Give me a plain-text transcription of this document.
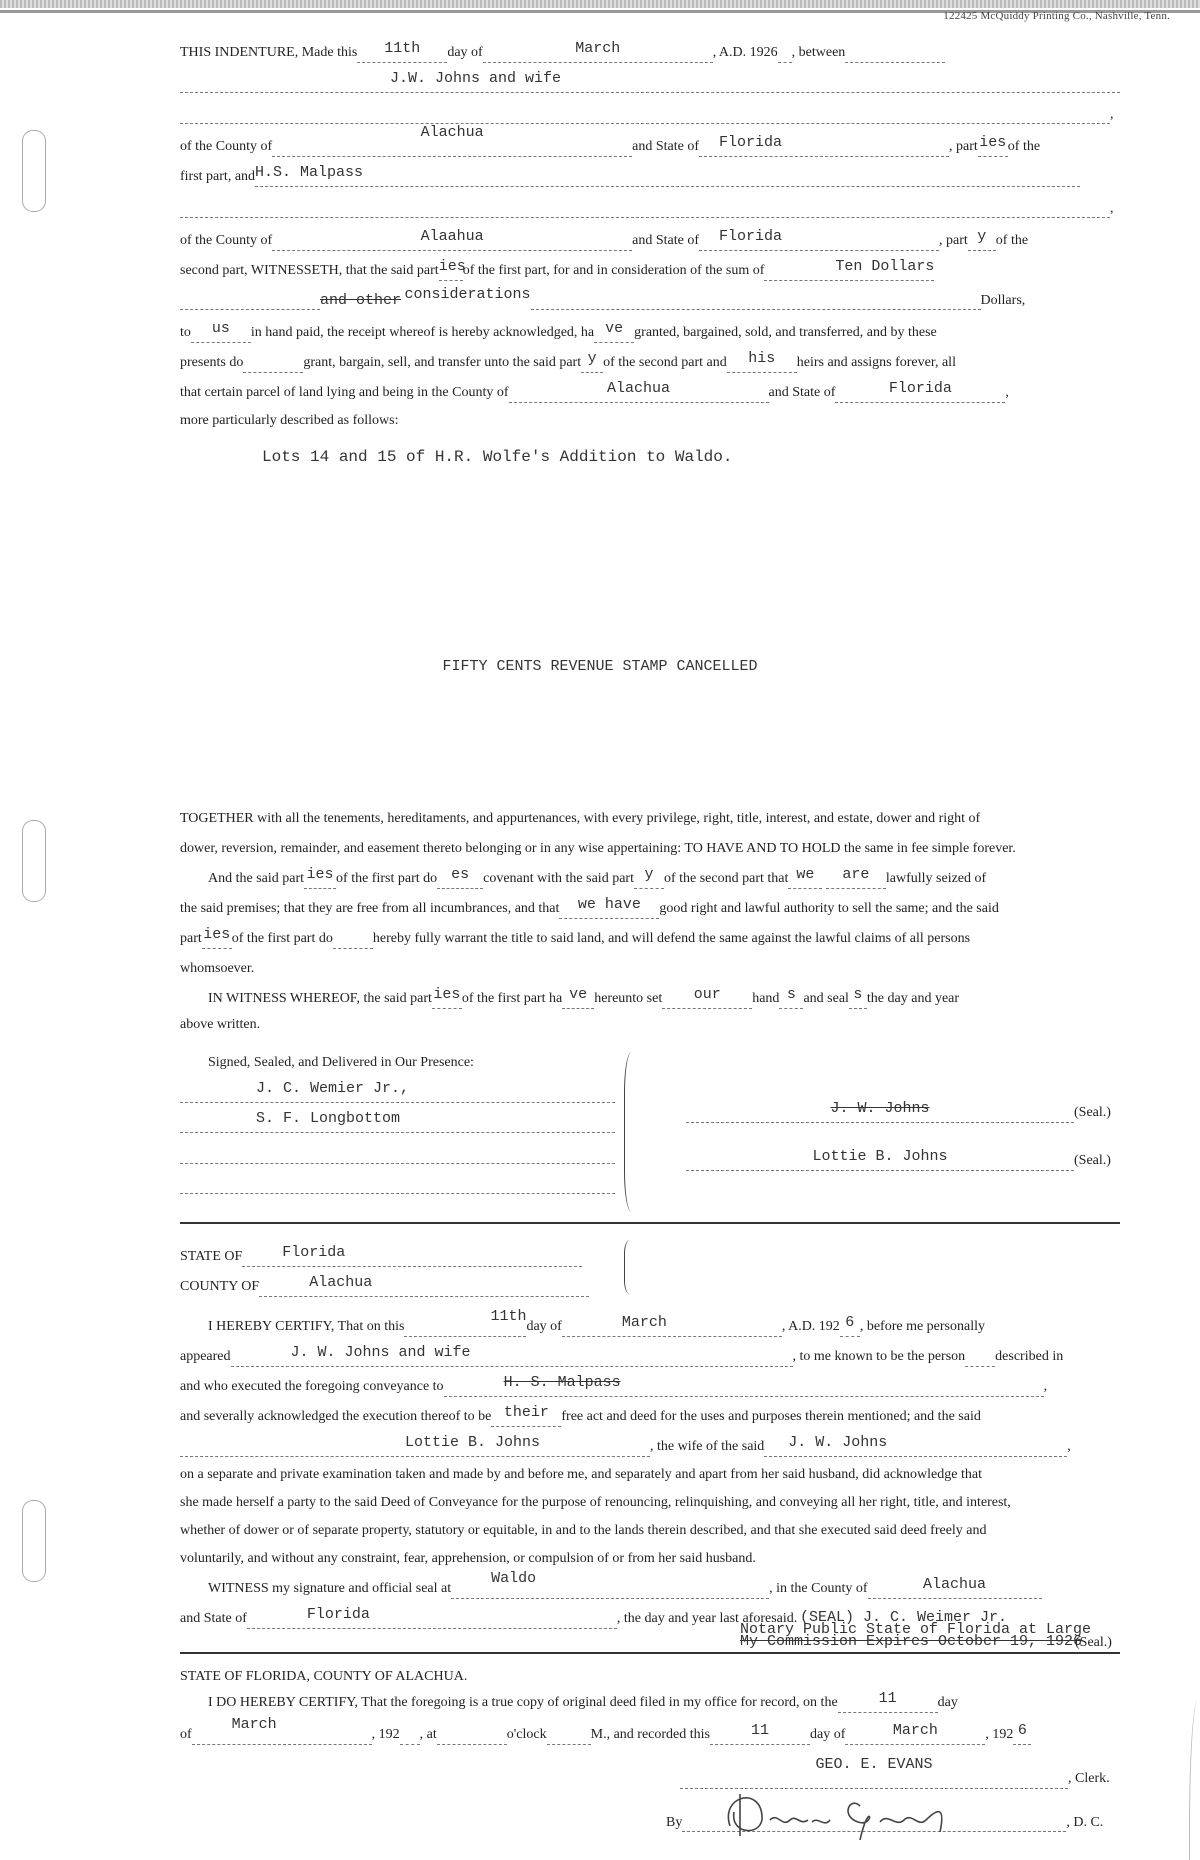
122425 McQuiddy Printing Co., Nashville, Tenn.
THIS INDENTURE, Made this 11th day of	March	, A.D. 1926 , between
J.W. Johns and wife
,
of the County ofAlachuaand State of Florida	, parties of the
first part, andH.S. Malpass
,
of the County of	Alaahua	and State of Florida	, part y of the
second part, WITNESSETH, that the said partiesof the first part, for and in consideration of the sum of	Ten Dollars
and other considerations	Dollars,
to us in hand paid, the receipt whereof is hereby acknowledged, ha ve granted, bargained, sold, and transferred, and by these
presents do	grant, bargain, sell, and transfer unto the said part y of the second part and his heirs and assigns forever, all
that certain parcel of land lying and being in the County of	Alachua	and State of	Florida	,
more particularly described as follows:
Lots 14 and 15 of H.R. Wolfe's Addition to Waldo.
FIFTY CENTS REVENUE STAMP CANCELLED
TOGETHER with all the tenements, hereditaments, and appurtenances, with every privilege, right, title, interest, and estate, dower and right of
dower, reversion, remainder, and easement thereto belonging or in any wise appertaining: TO HAVE AND TO HOLD the same in fee simple forever.
And the said part ies of the first part do es covenant with the said part y of the second part that we are lawfully seized of
the said premises; that they are free from all incumbrances, and that we have good right and lawful authority to sell the same; and the said
parties of the first part do	hereby fully warrant the title to said land, and will defend the same against the lawful claims of all persons
whomsoever.
IN WITNESS WHEREOF, the said parties of the first part ha ve hereunto set our hand s and seal s the day and year
above written.
Signed, Sealed, and Delivered in Our Presence:
J. C. Wemier Jr.,
S. F. Longbottom
J. W. Johns	(Seal.)
Lottie B. Johns	(Seal.)
STATE OF	Florida
COUNTY OF	Alachua
I HEREBY CERTIFY, That on this11thday of	March	, A.D. 192 6 , before me personally
appeared	J. W. Johns and wife	, to me known to be the person described in
and who executed the foregoing conveyance to	H. S. Malpass	,
and severally acknowledged the execution thereof to be their free act and deed for the uses and purposes therein mentioned; and the said
Lottie B. Johns	, the wife of the said J. W. Johns	,
on a separate and private examination taken and made by and before me, and separately and apart from her said husband, did acknowledge that
she made herself a party to the said Deed of Conveyance for the purpose of renouncing, relinquishing, and conveying all her right, title, and interest,
whether of dower or of separate property, statutory or equitable, in and to the lands therein described, and that she executed said deed freely and
voluntarily, and without any constraint, fear, apprehension, or compulsion of or from her said husband.
WITNESS my signature and official seal atWaldo, in the County of	Alachua
and State of	Florida	, the day and year last aforesaid. (SEAL) J. C. Weimer Jr.
Notary Public State of Florida at Large
My Commission Expires October 19, 1926
(Seal.)
STATE OF FLORIDA, COUNTY OF ALACHUA.
I DO HEREBY CERTIFY, That the foregoing is a true copy of original deed filed in my office for record, on the	11	day
ofMarch, 192 , at	o'clock	M., and recorded this	11	day of	March	, 192 6
GEO. E. EVANS, Clerk.
By	, D. C.
